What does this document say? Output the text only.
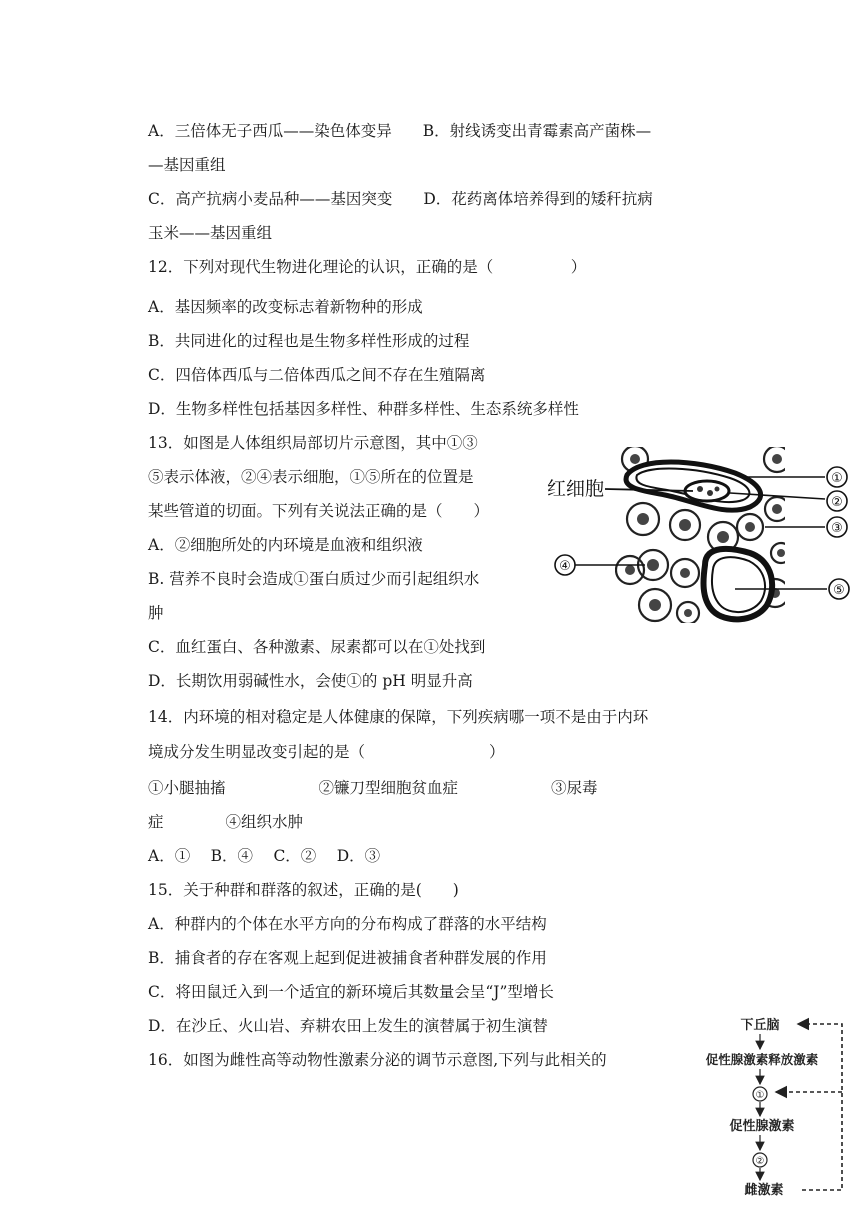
A．三倍体无子西瓜——染色体变异　　B．射线诱变出青霉素高产菌株—
—基因重组
C．高产抗病小麦品种——基因突变　　D．花药离体培养得到的矮秆抗病
玉米——基因重组
12．下列对现代生物进化理论的认识，正确的是（　　　　　）
A．基因频率的改变标志着新物种的形成
B．共同进化的过程也是生物多样性形成的过程
C．四倍体西瓜与二倍体西瓜之间不存在生殖隔离
D．生物多样性包括基因多样性、种群多样性、生态系统多样性
13．如图是人体组织局部切片示意图，其中①③
⑤表示体液，②④表示细胞，①⑤所在的位置是
某些管道的切面。下列有关说法正确的是（　　）
A．②细胞所处的内环境是血液和组织液
B. 营养不良时会造成①蛋白质过少而引起组织水
肿
C．血红蛋白、各种激素、尿素都可以在①处找到
D．长期饮用弱碱性水，会使①的 pH 明显升高
14．内环境的相对稳定是人体健康的保障，下列疾病哪一项不是由于内环
境成分发生明显改变引起的是（　　　　　　　　）
①小腿抽搐　　　　　　②镰刀型细胞贫血症　　　　　　③尿毒
症　　　　④组织水肿
A．①　 B．④　 C．②　 D．③
15．关于种群和群落的叙述，正确的是(　　)
A．种群内的个体在水平方向的分布构成了群落的水平结构
B．捕食者的存在客观上起到促进被捕食者种群发展的作用
C．将田鼠迁入到一个适宜的新环境后其数量会呈“J”型增长
D．在沙丘、火山岩、弃耕农田上发生的演替属于初生演替
16．如图为雌性高等动物性激素分泌的调节示意图,下列与此相关的
红细胞	①
②
③
④
⑤
下丘脑
促性腺激素释放激素
①
促性腺激素
②
雌激素
